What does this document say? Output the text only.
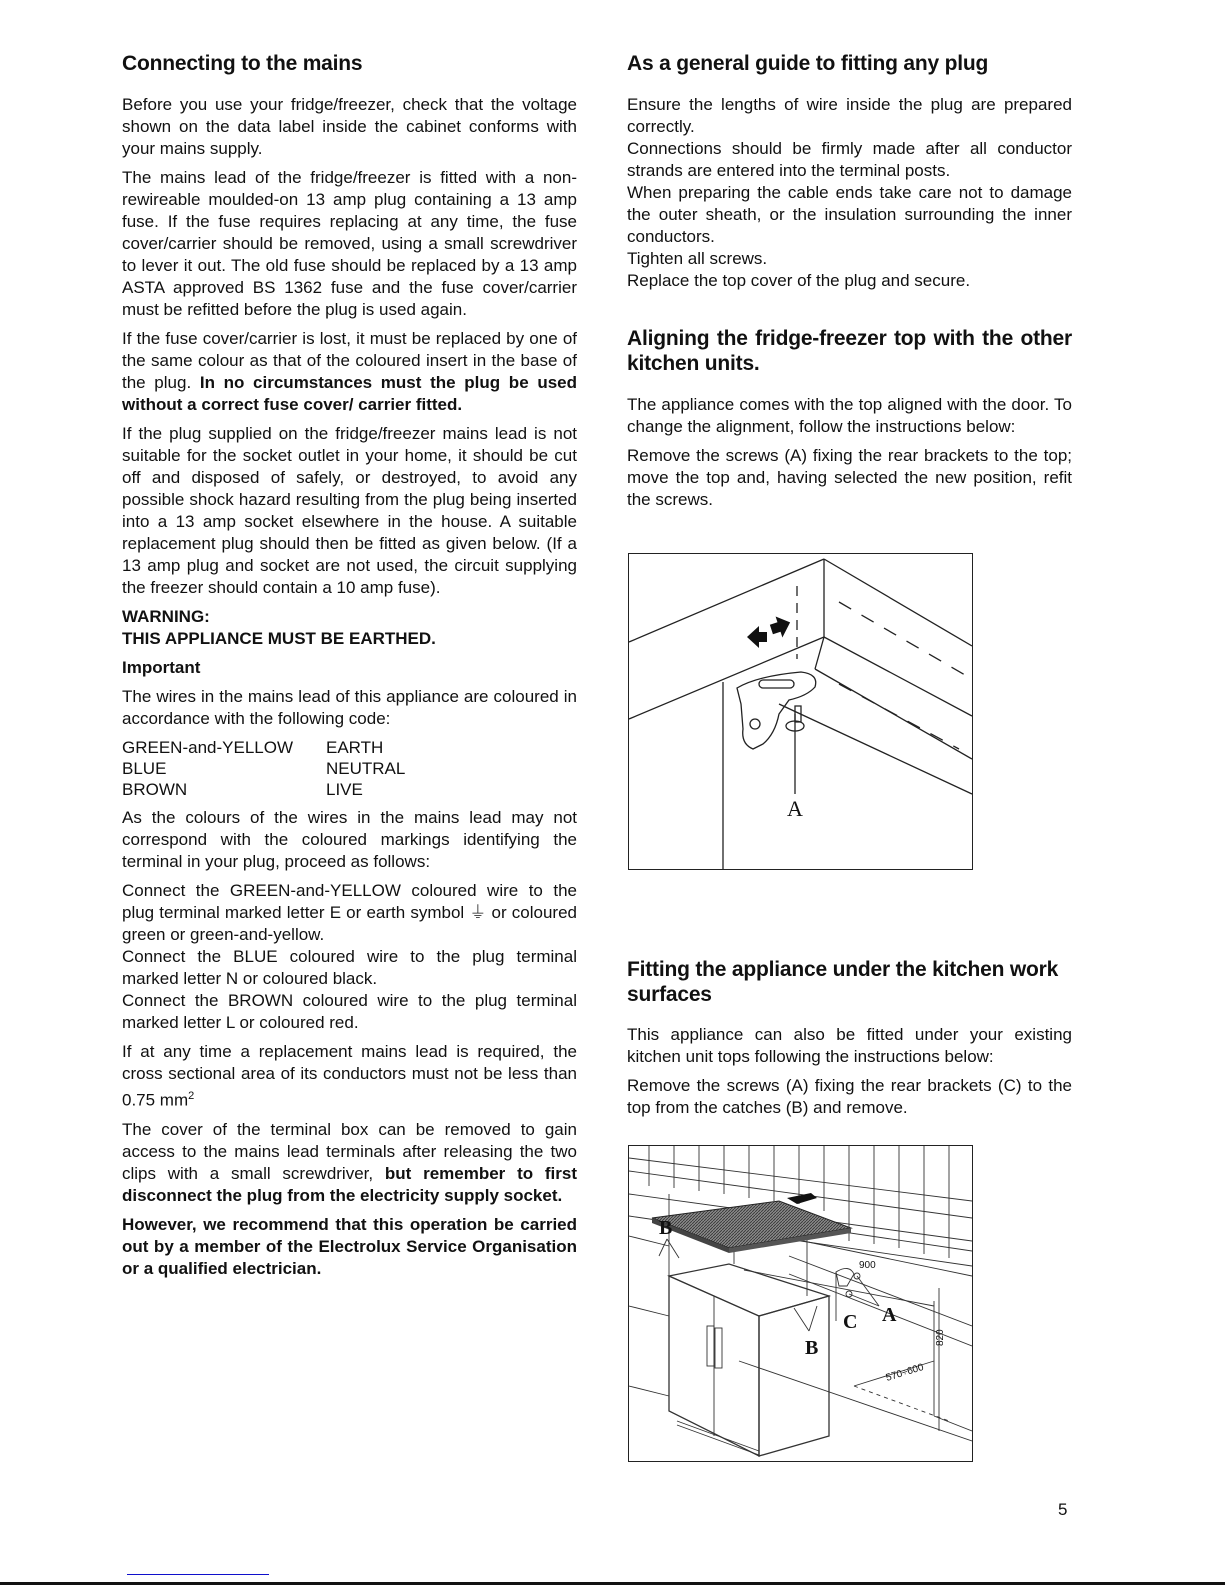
Connecting to the mains

Before you use your fridge/freezer, check that the voltage shown on the data label inside the cabinet conforms with your mains supply.

The mains lead of the fridge/freezer is fitted with a non-rewireable moulded-on 13 amp plug containing a 13 amp fuse. If the fuse requires replacing at any time, the fuse cover/carrier should be removed, using a small screwdriver to lever it out. The old fuse should be replaced by a 13 amp ASTA approved BS 1362 fuse and the fuse cover/carrier must be refitted before the plug is used again.

If the fuse cover/carrier is lost, it must be replaced by one of the same colour as that of the coloured insert in the base of the plug. In no circumstances must the plug be used without a correct fuse cover/ carrier fitted.

If the plug supplied on the fridge/freezer mains lead is not suitable for the socket outlet in your home, it should be cut off and disposed of safely, or destroyed, to avoid any possible shock hazard resulting from the plug being inserted into a 13 amp socket elsewhere in the house. A suitable replacement plug should then be fitted as given below. (If a 13 amp plug and socket are not used, the circuit supplying the freezer should contain a 10 amp fuse).

WARNING:

THIS APPLIANCE MUST BE EARTHED.

Important

The wires in the mains lead of this appliance are coloured in accordance with the following code:

GREEN-and-YELLOW	EARTH
BLUE	NEUTRAL
BROWN	LIVE

As the colours of the wires in the mains lead may not correspond with the coloured markings identifying the terminal in your plug, proceed as follows:

Connect the GREEN-and-YELLOW coloured wire to the plug terminal marked letter E or earth symbol ⏚ or coloured green or green-and-yellow.

Connect the BLUE coloured wire to the plug terminal marked letter N or coloured black.

Connect the BROWN coloured wire to the plug terminal marked letter L or coloured red.

If at any time a replacement mains lead is required, the cross sectional area of its conductors must not be less than 0.75 $mm^2$

The cover of the terminal box can be removed to gain access to the mains lead terminals after releasing the two clips with a small screwdriver, but remember to first disconnect the plug from the electricity supply socket.

However, we recommend that this operation be carried out by a member of the Electrolux Service Organisation or a qualified electrician.

As a general guide to fitting any plug

Ensure the lengths of wire inside the plug are prepared correctly.

Connections should be firmly made after all conductor strands are entered into the terminal posts.

When preparing the cable ends take care not to damage the outer sheath, or the insulation surrounding the inner conductors.

Tighten all screws.

Replace the top cover of the plug and secure.

Aligning the fridge-freezer top with the other kitchen units.

The appliance comes with the top aligned with the door. To change the alignment, follow the instructions below:

Remove the screws (A) fixing the rear brackets to the top; move the top and, having selected the new position, refit the screws.

Fitting the appliance under the kitchen work surfaces

This appliance can also be fitted under your existing kitchen unit tops following the instructions below:

Remove the screws (A) fixing the rear brackets (C) to the top from the catches (B) and remove.

A
B
B
A
C
900
820
570÷600
5
